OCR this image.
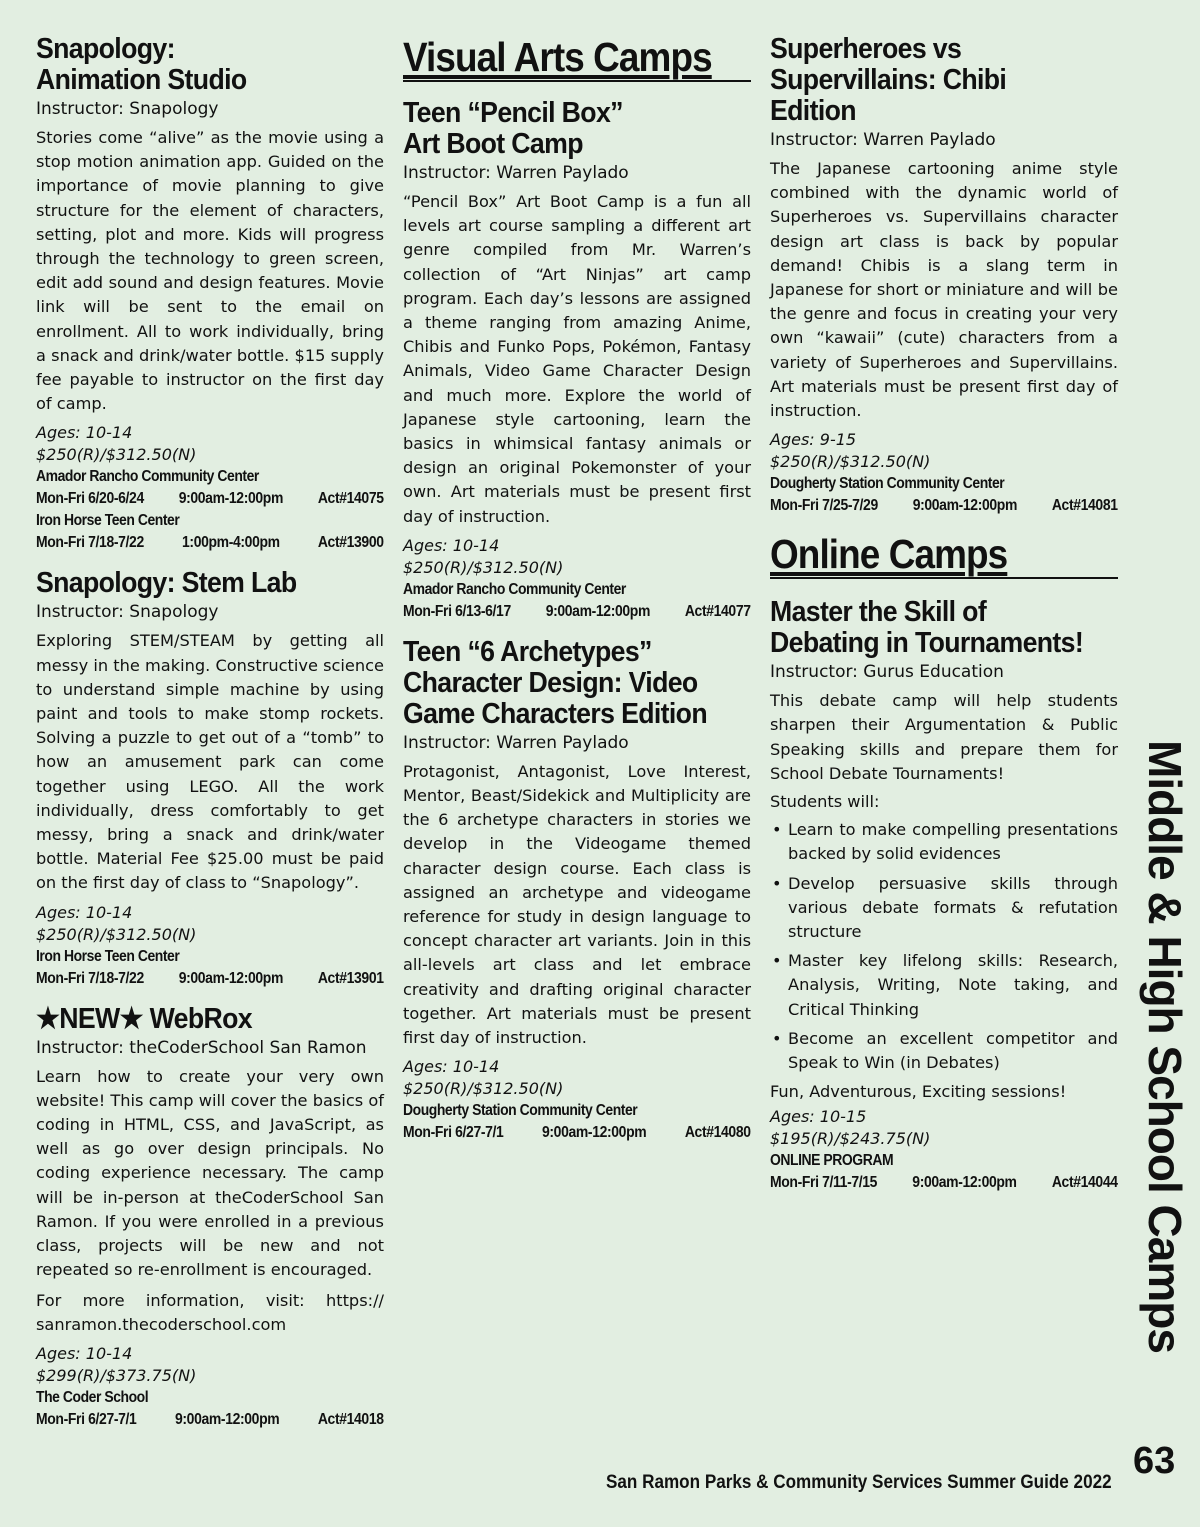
Snapology:
Animation Studio
Instructor: Snapology
Stories come “alive” as the movie using a stop motion animation app. Guided on the importance of movie planning to give structure for the element of characters, setting, plot and more. Kids will progress through the technology to green screen, edit add sound and design features. Movie link will be sent to the email on enrollment. All to work individually, bring a snack and drink/water bottle. $15 supply fee payable to instructor on the first day of camp.
Ages: 10-14
$250(R)/$312.50(N)
Amador Rancho Community Center
Mon-Fri 6/20-6/24	9:00am-12:00pm	Act#14075
Iron Horse Teen Center
Mon-Fri 7/18-7/22	1:00pm-4:00pm	Act#13900
Snapology: Stem Lab
Instructor: Snapology
Exploring STEM/STEAM by getting all messy in the making. Constructive science to understand simple machine by using paint and tools to make stomp rockets. Solving a puzzle to get out of a “tomb” to how an amusement park can come together using LEGO. All the work individually, dress comfortably to get messy, bring a snack and drink/water bottle. Material Fee $25.00 must be paid on the first day of class to “Snapology”.
Ages: 10-14
$250(R)/$312.50(N)
Iron Horse Teen Center
Mon-Fri 7/18-7/22	9:00am-12:00pm	Act#13901
★NEW★ WebRox
Instructor: theCoderSchool San Ramon
Learn how to create your very own website! This camp will cover the basics of coding in HTML, CSS, and JavaScript, as well as go over design principals. No coding experience necessary. The camp will be in-person at theCoderSchool San Ramon. If you were enrolled in a previous class, projects will be new and not repeated so re-enrollment is encouraged.
For more information, visit: https:// sanramon.thecoderschool.com
Ages: 10-14
$299(R)/$373.75(N)
The Coder School
Mon-Fri 6/27-7/1	9:00am-12:00pm	Act#14018
Visual Arts Camps
Teen “Pencil Box”
Art Boot Camp
Instructor: Warren Paylado
“Pencil Box” Art Boot Camp is a fun all levels art course sampling a different art genre compiled from Mr. Warren’s collection of “Art Ninjas” art camp program. Each day’s lessons are assigned a theme ranging from amazing Anime, Chibis and Funko Pops, Pokémon, Fantasy Animals, Video Game Character Design and much more. Explore the world of Japanese style cartooning, learn the basics in whimsical fantasy animals or design an original Pokemonster of your own. Art materials must be present first day of instruction.
Ages: 10-14
$250(R)/$312.50(N)
Amador Rancho Community Center
Mon-Fri 6/13-6/17	9:00am-12:00pm	Act#14077
Teen “6 Archetypes”
Character Design: Video
Game Characters Edition
Instructor: Warren Paylado
Protagonist, Antagonist, Love Interest, Mentor, Beast/Sidekick and Multiplicity are the 6 archetype characters in stories we develop in the Videogame themed character design course. Each class is assigned an archetype and videogame reference for study in design language to concept character art variants. Join in this all-levels art class and let embrace creativity and drafting original character together. Art materials must be present first day of instruction.
Ages: 10-14
$250(R)/$312.50(N)
Dougherty Station Community Center
Mon-Fri 6/27-7/1	9:00am-12:00pm	Act#14080
Superheroes vs
Supervillains: Chibi
Edition
Instructor: Warren Paylado
The Japanese cartooning anime style combined with the dynamic world of Superheroes vs. Supervillains character design art class is back by popular demand! Chibis is a slang term in Japanese for short or miniature and will be the genre and focus in creating your very own “kawaii” (cute) characters from a variety of Superheroes and Supervillains. Art materials must be present first day of instruction.
Ages: 9-15
$250(R)/$312.50(N)
Dougherty Station Community Center
Mon-Fri 7/25-7/29	9:00am-12:00pm	Act#14081
Online Camps
Master the Skill of
Debating in Tournaments!
Instructor: Gurus Education
This debate camp will help students sharpen their Argumentation & Public Speaking skills and prepare them for School Debate Tournaments!
Students will:
• Learn to make compelling presentations backed by solid evidences
• Develop persuasive skills through various debate formats & refutation structure
• Master key lifelong skills: Research, Analysis, Writing, Note taking, and Critical Thinking
• Become an excellent competitor and Speak to Win (in Debates)
Fun, Adventurous, Exciting sessions!
Ages: 10-15
$195(R)/$243.75(N)
ONLINE PROGRAM
Mon-Fri 7/11-7/15	9:00am-12:00pm	Act#14044 Middle & High School Camps
63
San Ramon Parks & Community Services Summer Guide 2022
